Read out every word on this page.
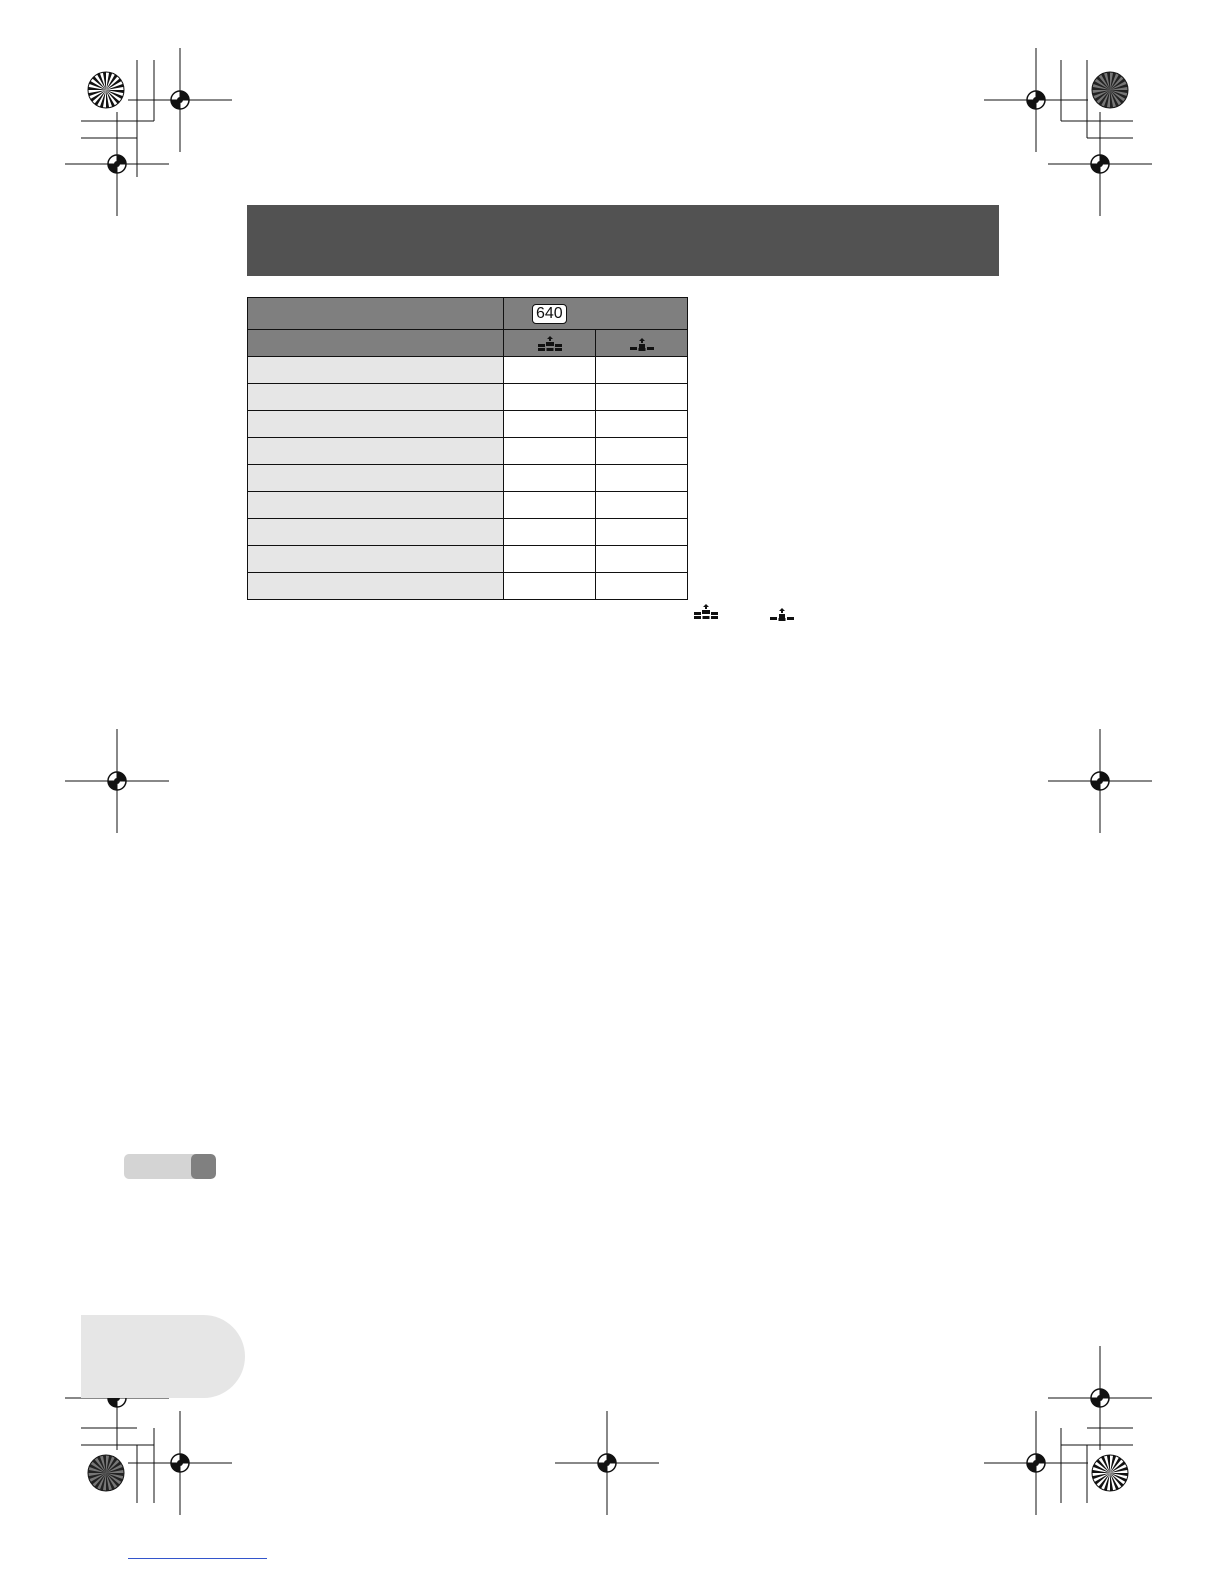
	640	
